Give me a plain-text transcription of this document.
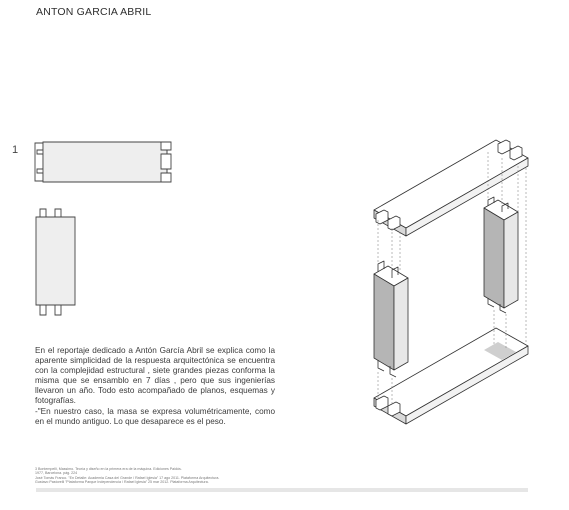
ANTON GARCIA ABRIL
1

En el reportaje dedicado a Antón García Abril se explica como la aparente simplicidad de la respuesta arquitectónica se encuentra con la complejidad estructural , siete grandes piezas conforma la misma que se ensamblo en 7 días , pero que sus ingenierías llevaron un año. Todo esto acompañado de planos, esquemas y fotografías.

-"En nuestro caso, la masa se expresa volumétricamente, como en el mundo antiguo. Lo que desaparece es el peso.

3 Bontempelli, Massimo. Teoría y diseño en la primera era de la máquina. Ediciones Paidós.
1977, Barcelona. pág. 224
José Tomás Franco. "En Detalle: Academia Casa del Grande / Rafael Iglesia" 17 ago 2011. Plataforma Arquitectura.
Gustavo Pastorelli "Plataforma Parque Independencia / Rafael Iglesia" 25 mar 2012. Plataforma Arquitectura.
